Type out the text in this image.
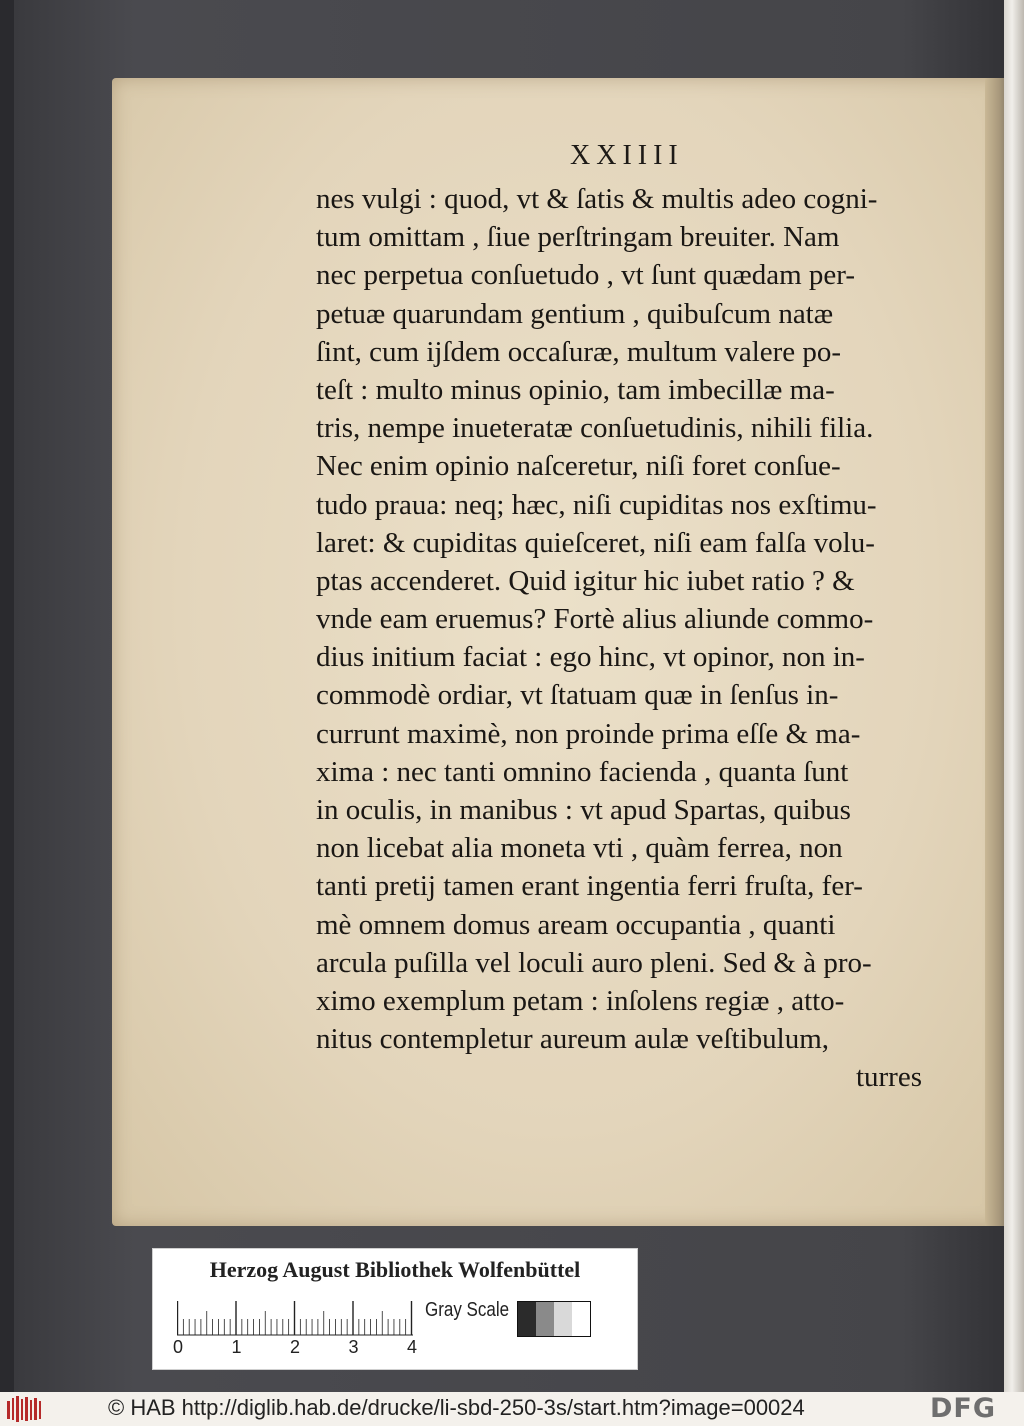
XXIIII
nes vulgi : quod, vt & ſatis & multis adeo cogni-
tum omittam , ſiue perſtringam breuiter. Nam
nec perpetua conſuetudo , vt ſunt quædam per-
petuæ quarundam gentium , quibuſcum natæ
ſint, cum ijſdem occaſuræ, multum valere po-
teſt : multo minus opinio, tam imbecillæ ma-
tris, nempe inueteratæ conſuetudinis, nihili filia.
Nec enim opinio naſceretur, niſi foret conſue-
tudo praua: neq; hæc, niſi cupiditas nos exſtimu-
laret: & cupiditas quieſceret, niſi eam falſa volu-
ptas accenderet. Quid igitur hic iubet ratio ? &
vnde eam eruemus? Fortè alius aliunde commo-
dius initium faciat : ego hinc, vt opinor, non in-
commodè ordiar, vt ſtatuam quæ in ſenſus in-
currunt maximè, non proinde prima eſſe & ma-
xima : nec tanti omnino facienda , quanta ſunt
in oculis, in manibus : vt apud Spartas, quibus
non licebat alia moneta vti , quàm ferrea, non
tanti pretij tamen erant ingentia ferri fruſta, fer-
mè omnem domus aream occupantia , quanti
arcula puſilla vel loculi auro pleni. Sed & à pro-
ximo exemplum petam : inſolens regiæ , atto-
nitus contempletur aureum aulæ veſtibulum,
turres
Herzog August Bibliothek Wolfenbüttel
0	1	2	3	4
Gray Scale
© HAB http://diglib.hab.de/drucke/li-sbd-250-3s/start.htm?image=00024	DFG
